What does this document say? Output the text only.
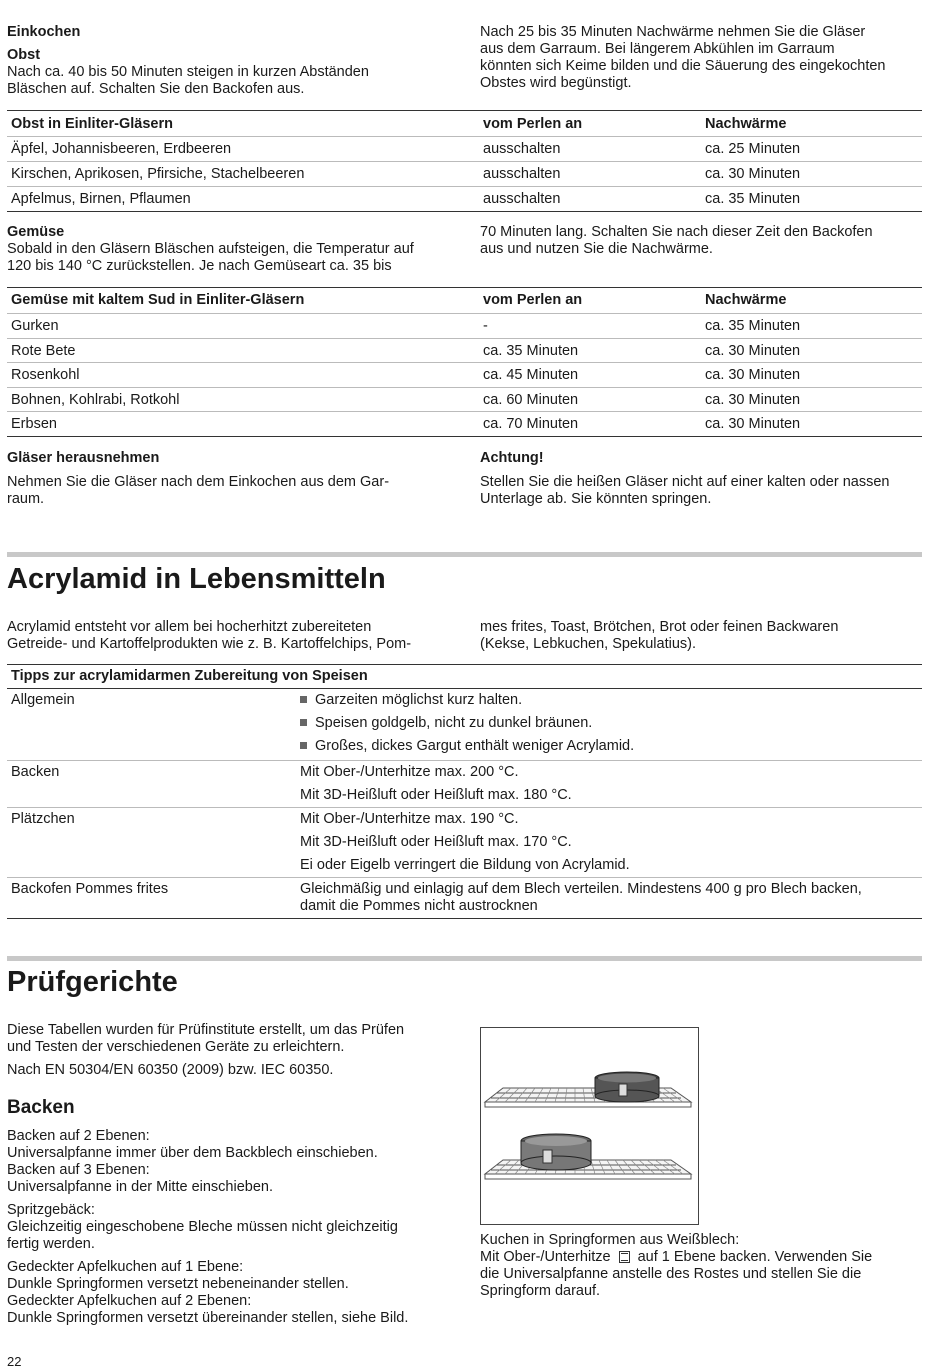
Einkochen

Obst

Nach ca. 40 bis 50 Minuten steigen in kurzen Abständen

Bläschen auf. Schalten Sie den Backofen aus.

Nach 25 bis 35 Minuten Nachwärme nehmen Sie die Gläser

aus dem Garraum. Bei längerem Abkühlen im Garraum

könnten sich Keime bilden und die Säuerung des eingekochten

Obstes wird begünstigt.

Obst in Einliter-Gläsern	vom Perlen an	Nachwärme
Äpfel, Johannisbeeren, Erdbeeren	ausschalten	ca. 25 Minuten
Kirschen, Aprikosen, Pfirsiche, Stachelbeeren	ausschalten	ca. 30 Minuten
Apfelmus, Birnen, Pflaumen	ausschalten	ca. 35 Minuten

Gemüse

Sobald in den Gläsern Bläschen aufsteigen, die Temperatur auf

120 bis 140 °C zurückstellen. Je nach Gemüseart ca. 35 bis

70 Minuten lang. Schalten Sie nach dieser Zeit den Backofen

aus und nutzen Sie die Nachwärme.

Gemüse mit kaltem Sud in Einliter-Gläsern	vom Perlen an	Nachwärme
Gurken	-	ca. 35 Minuten
Rote Bete	ca. 35 Minuten	ca. 30 Minuten
Rosenkohl	ca. 45 Minuten	ca. 30 Minuten
Bohnen, Kohlrabi, Rotkohl	ca. 60 Minuten	ca. 30 Minuten
Erbsen	ca. 70 Minuten	ca. 30 Minuten

Gläser herausnehmen

Nehmen Sie die Gläser nach dem Einkochen aus dem Gar-

raum.

Achtung!

Stellen Sie die heißen Gläser nicht auf einer kalten oder nassen

Unterlage ab. Sie könnten springen.

Acrylamid in Lebensmitteln

Acrylamid entsteht vor allem bei hocherhitzt zubereiteten

Getreide- und Kartoffelprodukten wie z. B. Kartoffelchips, Pom-

mes frites, Toast, Brötchen, Brot oder feinen Backwaren

(Kekse, Lebkuchen, Spekulatius).

Tipps zur acrylamidarmen Zubereitung von Speisen	
Allgemein	Garzeiten möglichst kurz halten.
Speisen goldgelb, nicht zu dunkel bräunen.
Großes, dickes Gargut enthält weniger Acrylamid.

Backen	Mit Ober-/Unterhitze max. 200 °C.
Mit 3D-Heißluft oder Heißluft max. 180 °C.

Plätzchen	Mit Ober-/Unterhitze max. 190 °C.
Mit 3D-Heißluft oder Heißluft max. 170 °C.
Ei oder Eigelb verringert die Bildung von Acrylamid.

Backofen Pommes frites	Gleichmäßig und einlagig auf dem Blech verteilen. Mindestens 400 g pro Blech backen,
damit die Pommes nicht austrocknen
Prüfgerichte

Diese Tabellen wurden für Prüfinstitute erstellt, um das Prüfen

und Testen der verschiedenen Geräte zu erleichtern.

Nach EN 50304/EN 60350 (2009) bzw. IEC 60350.

Backen

Backen auf 2 Ebenen:

Universalpfanne immer über dem Backblech einschieben.

Backen auf 3 Ebenen:

Universalpfanne in der Mitte einschieben.

Spritzgebäck:

Gleichzeitig eingeschobene Bleche müssen nicht gleichzeitig

fertig werden.

Gedeckter Apfelkuchen auf 1 Ebene:

Dunkle Springformen versetzt nebeneinander stellen.

Gedeckter Apfelkuchen auf 2 Ebenen:

Dunkle Springformen versetzt übereinander stellen, siehe Bild.

Kuchen in Springformen aus Weißblech:

Mit Ober-/Unterhitze auf 1 Ebene backen. Verwenden Sie

die Universalpfanne anstelle des Rostes und stellen Sie die

Springform darauf.

22
